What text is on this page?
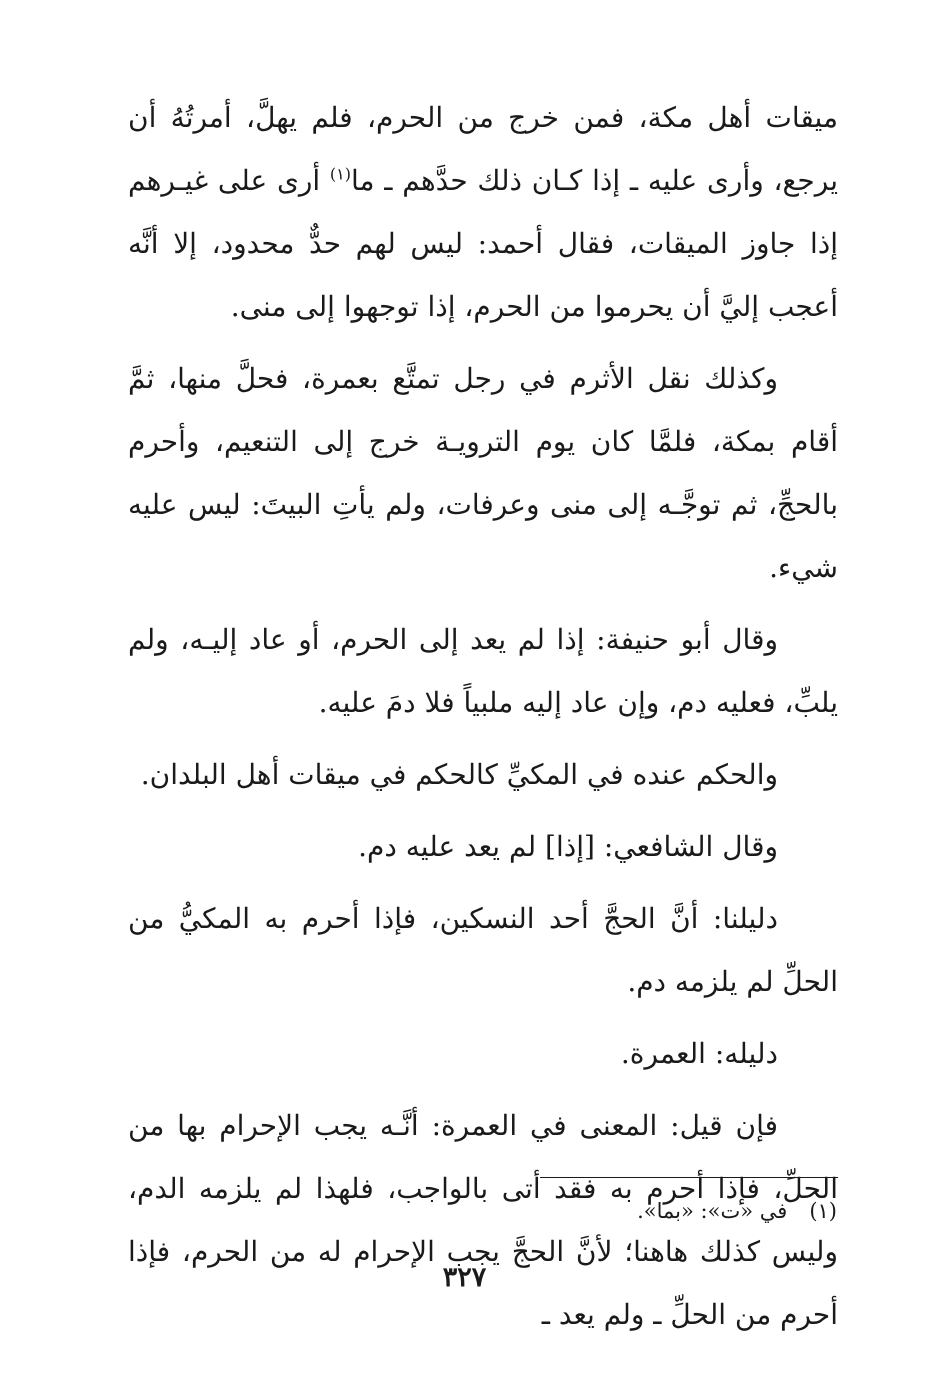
ميقات أهل مكة، فمن خرج من الحرم، فلم يهلَّ، أمرتُهُ أن يرجع، وأرى عليه ـ إذا كـان ذلك حدَّهم ـ ما$^{(١)}$ أرى على غيـرهم إذا جاوز الميقات، فقال أحمد: ليس لهم حدٌّ محدود، إلا أنَّه أعجب إليَّ أن يحرموا من الحرم، إذا توجهوا إلى منى.

وكذلك نقل الأثرم في رجل تمتَّع بعمرة، فحلَّ منها، ثمَّ أقام بمكة، فلمَّا كان يوم الترويـة خرج إلى التنعيم، وأحرم بالحجِّ، ثم توجَّـه إلى منى وعرفات، ولم يأتِ البيتَ: ليس عليه شيء.

وقال أبو حنيفة: إذا لم يعد إلى الحرم، أو عاد إليـه، ولم يلبِّ، فعليه دم، وإن عاد إليه ملبياً فلا دمَ عليه.

والحكم عنده في المكيِّ كالحكم في ميقات أهل البلدان.

وقال الشافعي: [إذا] لم يعد عليه دم.

دليلنا: أنَّ الحجَّ أحد النسكين، فإذا أحرم به المكيُّ من الحلِّ لم يلزمه دم.

دليله: العمرة.

فإن قيل: المعنى في العمرة: أنَّـه يجب الإحرام بها من الحلِّ، فإذا أحرم به فقد أتى بالواجب، فلهذا لم يلزمه الدم، وليس كذلك هاهنا؛ لأنَّ الحجَّ يجب الإحرام له من الحرم، فإذا أحرم من الحلِّ ـ ولم يعد ـ

(١)في «ت»: «بما».
٣٢٧
